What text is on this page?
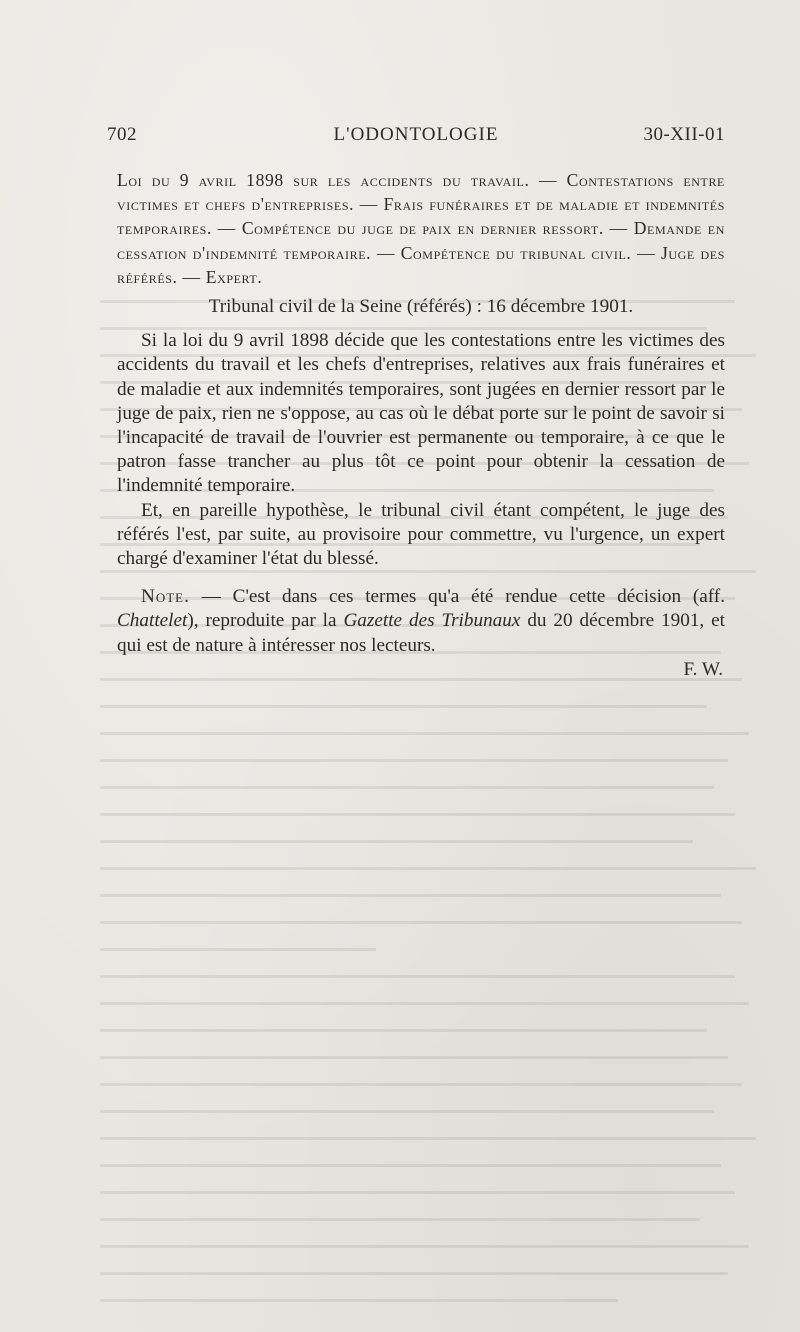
702	L'ODONTOLOGIE	30-XII-01

Loi du 9 avril 1898 sur les accidents du travail. — Contestations entre victimes et chefs d'entreprises. — Frais funéraires et de maladie et indemnités temporaires. — Compétence du juge de paix en dernier ressort. — Demande en cessation d'indemnité temporaire. — Compétence du tribunal civil. — Juge des référés. — Expert.

Tribunal civil de la Seine (référés) : 16 décembre 1901.

Si la loi du 9 avril 1898 décide que les contestations entre les victimes des accidents du travail et les chefs d'entreprises, relatives aux frais funéraires et de maladie et aux indemnités temporaires, sont jugées en dernier ressort par le juge de paix, rien ne s'oppose, au cas où le débat porte sur le point de savoir si l'incapacité de travail de l'ouvrier est permanente ou temporaire, à ce que le patron fasse trancher au plus tôt ce point pour obtenir la cessation de l'indemnité temporaire.

Et, en pareille hypothèse, le tribunal civil étant compétent, le juge des référés l'est, par suite, au provisoire pour commettre, vu l'urgence, un expert chargé d'examiner l'état du blessé.

Note. — C'est dans ces termes qu'a été rendue cette décision (aff. Chattelet), reproduite par la Gazette des Tribunaux du 20 décembre 1901, et qui est de nature à intéresser nos lecteurs.

F. W.
